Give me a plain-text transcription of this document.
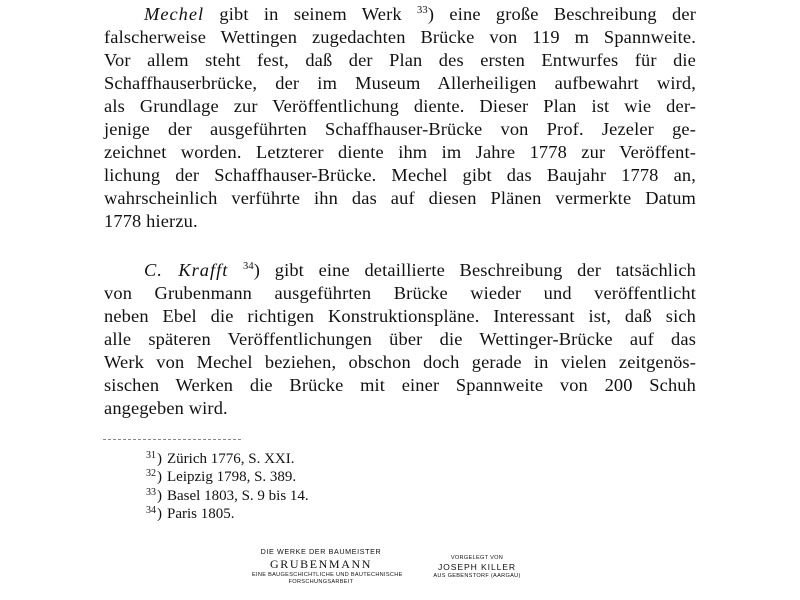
Mechel gibt in seinem Werk $^{33}$) eine große Beschreibung der
falscherweise Wettingen zugedachten Brücke von 119 m Spannweite.
Vor allem steht fest, daß der Plan des ersten Entwurfes für die
Schaffhauserbrücke, der im Museum Allerheiligen aufbewahrt wird,
als Grundlage zur Veröffentlichung diente. Dieser Plan ist wie der-
jenige der ausgeführten Schaffhauser-Brücke von Prof. Jezeler ge-
zeichnet worden. Letzterer diente ihm im Jahre 1778 zur Veröffent-
lichung der Schaffhauser-Brücke. Mechel gibt das Baujahr 1778 an,
wahrscheinlich verführte ihn das auf diesen Plänen vermerkte Datum
1778 hierzu.
C. Krafft $^{34}$) gibt eine detaillierte Beschreibung der tatsächlich
von Grubenmann ausgeführten Brücke wieder und veröffentlicht
neben Ebel die richtigen Konstruktionspläne. Interessant ist, daß sich
alle späteren Veröffentlichungen über die Wettinger-Brücke auf das
Werk von Mechel beziehen, obschon doch gerade in vielen zeitgenös-
sischen Werken die Brücke mit einer Spannweite von 200 Schuh
angegeben wird.
$^{31}$) Zürich 1776, S. XXI.
$^{32}$) Leipzig 1798, S. 389.
$^{33}$) Basel 1803, S. 9 bis 14.
$^{34}$) Paris 1805.
DIE WERKE DER BAUMEISTER
GRUBENMANN
EINE BAUGESCHICHTLICHE UND BAUTECHNISCHE
FORSCHUNGSARBEIT
VORGELEGT VON
JOSEPH KILLER
AUS GEBENSTORF (AARGAU)
